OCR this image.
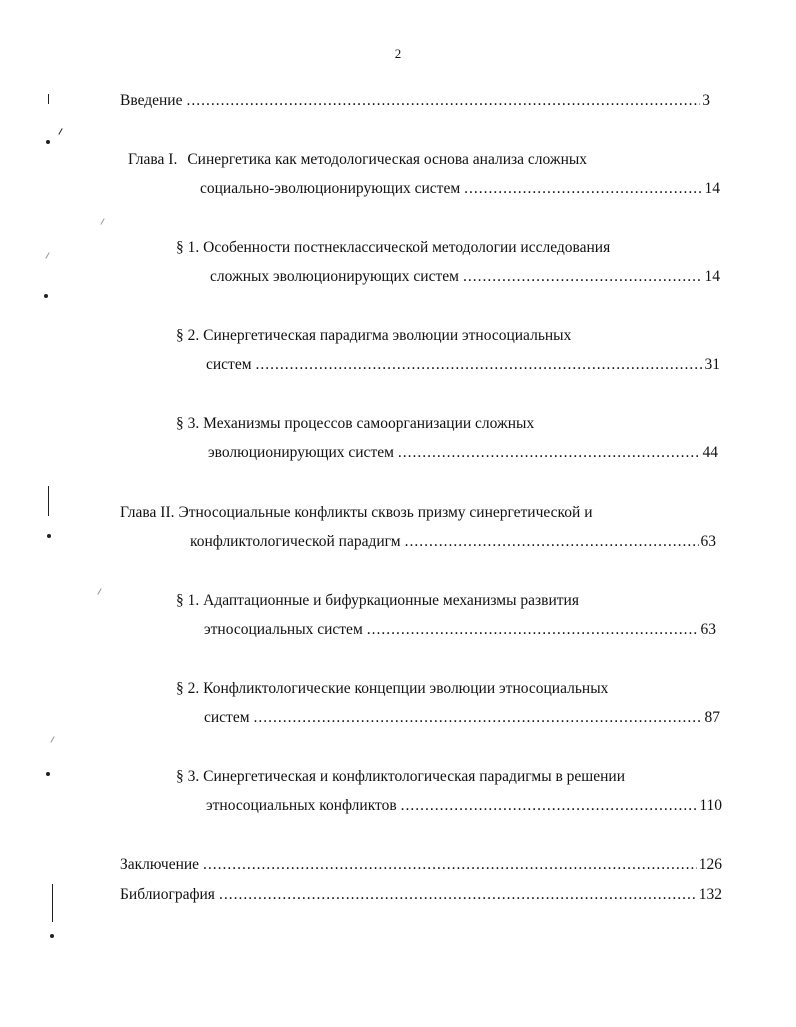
2
Введение .....	3
Глава I. Синергетика как методологическая основа анализа сложных
социально-эволюционирующих систем .....	14
§ 1. Особенности постнеклассической методологии исследования
сложных эволюционирующих систем .....	14
§ 2. Синергетическая парадигма эволюции этносоциальных
систем .....	31
§ 3. Механизмы процессов самоорганизации сложных
эволюционирующих систем .....	44
Глава II. Этносоциальные конфликты сквозь призму синергетической и
конфликтологической парадигм .....	63
§ 1. Адаптационные и бифуркационные механизмы развития
этносоциальных систем .....	63
§ 2. Конфликтологические концепции эволюции этносоциальных
систем .....	87
§ 3. Синергетическая и конфликтологическая парадигмы в решении
этносоциальных конфликтов .....	110
Заключение .....	126
Библиография .....	132
